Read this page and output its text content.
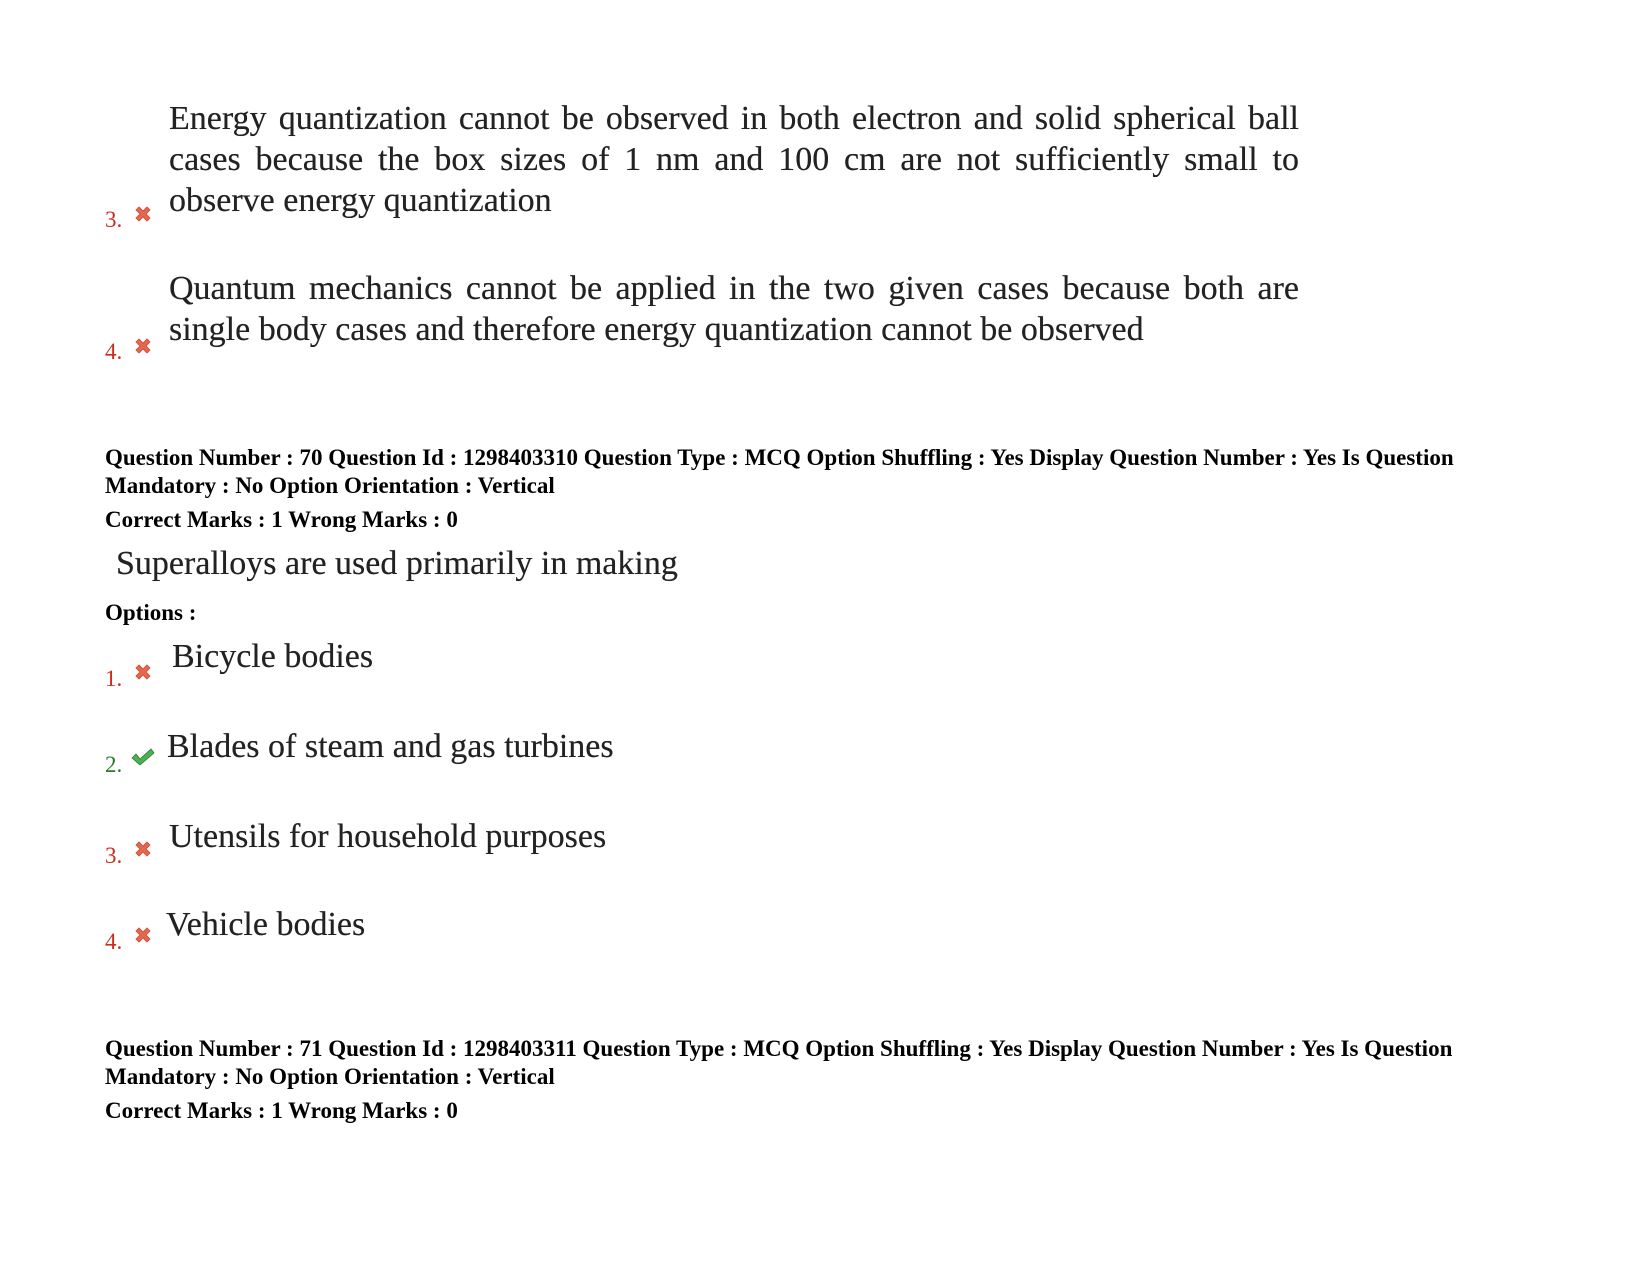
3.
Energy quantization cannot be observed in both electron and solid spherical ball cases because the box sizes of 1 nm and 100 cm are not sufficiently small to observe energy quantization
4.
Quantum mechanics cannot be applied in the two given cases because both are single body cases and therefore energy quantization cannot be observed
Question Number : 70 Question Id : 1298403310 Question Type : MCQ Option Shuffling : Yes Display Question Number : Yes Is Question Mandatory : No Option Orientation : Vertical
Correct Marks : 1 Wrong Marks : 0
Superalloys are used primarily in making
Options :
1.
Bicycle bodies
2. Blades of steam and gas turbines
3.
Utensils for household purposes
4. Vehicle bodies
Question Number : 71 Question Id : 1298403311 Question Type : MCQ Option Shuffling : Yes Display Question Number : Yes Is Question Mandatory : No Option Orientation : Vertical
Correct Marks : 1 Wrong Marks : 0
